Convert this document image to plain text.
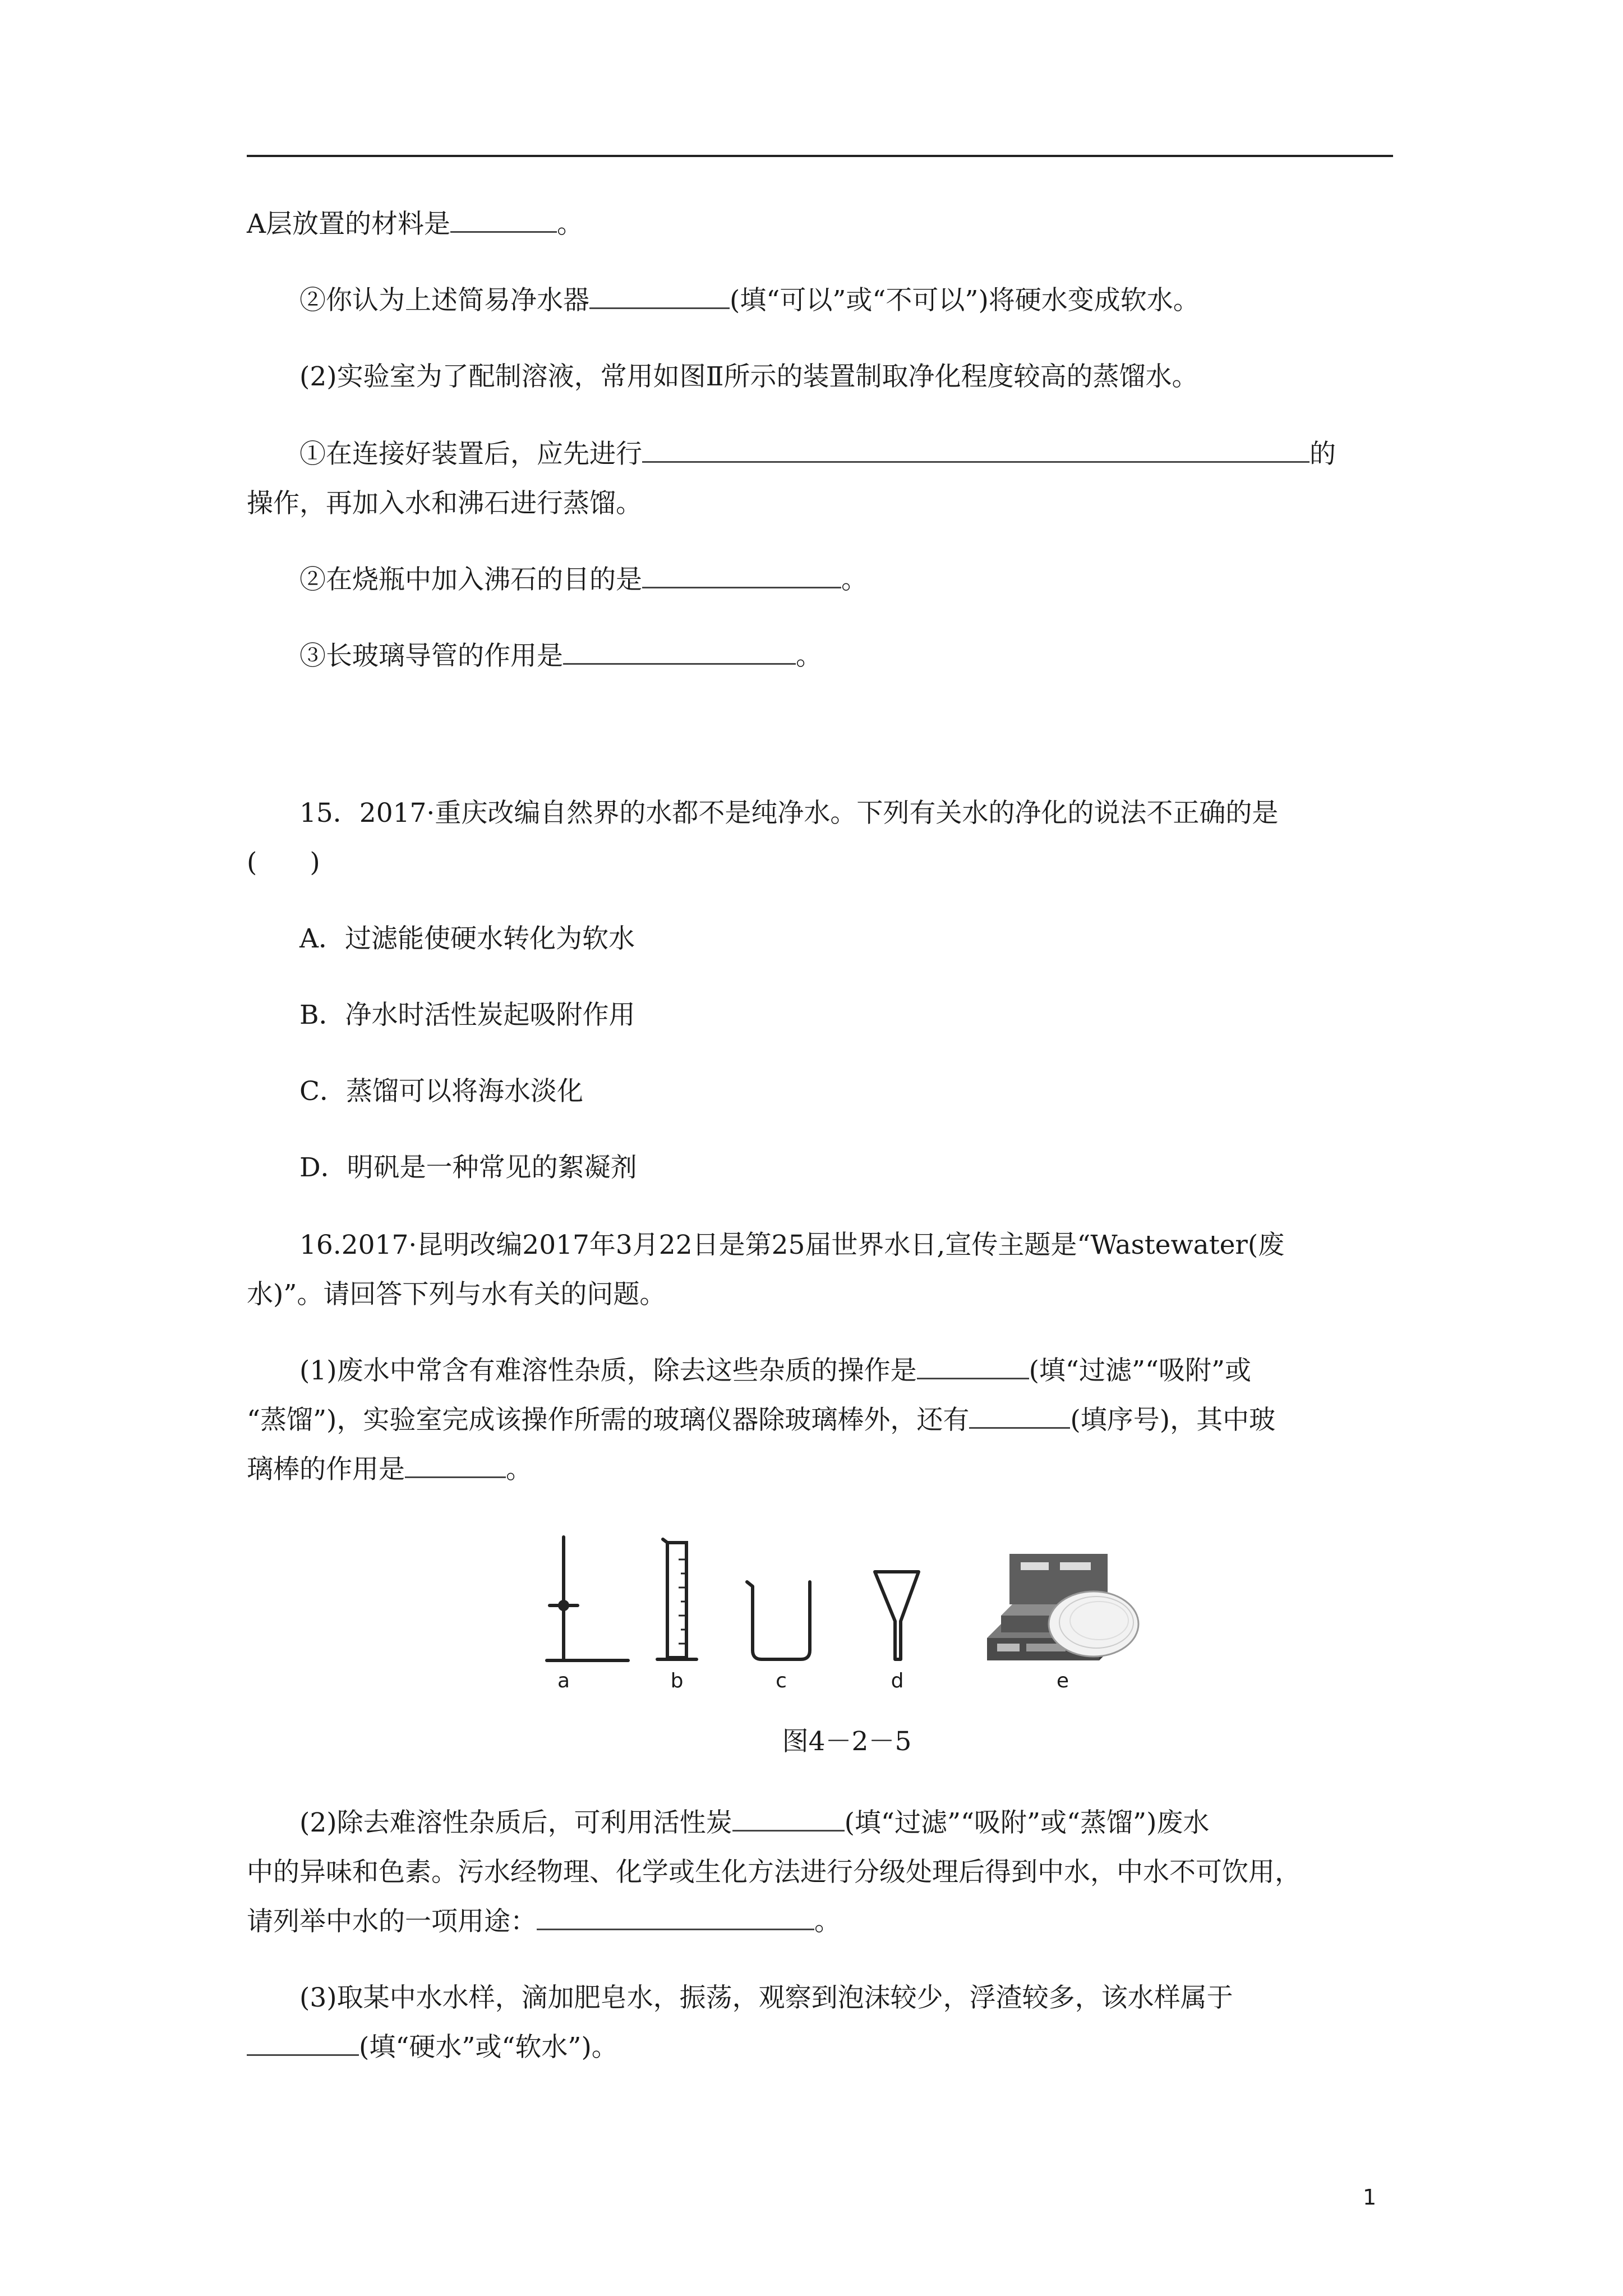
A层放置的材料是	。

②你认为上述简易净水器	(填“可以”或“不可以”)将硬水变成软水。

(2)实验室为了配制溶液，常用如图Ⅱ所示的装置制取净化程度较高的蒸馏水。

①在连接好装置后，应先进行	的

操作，再加入水和沸石进行蒸馏。

②在烧瓶中加入沸石的目的是	。

③长玻璃导管的作用是	。

15．2017·重庆改编自然界的水都不是纯净水。下列有关水的净化的说法不正确的是

(　　)

A．过滤能使硬水转化为软水

B．净水时活性炭起吸附作用

C．蒸馏可以将海水淡化

D．明矾是一种常见的絮凝剂

16.2017·昆明改编2017年3月22日是第25届世界水日,宣传主题是“Wastewater(废

水)”。请回答下列与水有关的问题。

(1)废水中常含有难溶性杂质，除去这些杂质的操作是	(填“过滤”“吸附”或

“蒸馏”)，实验室完成该操作所需的玻璃仪器除玻璃棒外，还有	(填序号)，其中玻

璃棒的作用是	。

a	b	c	d	e
图4－2－5

(2)除去难溶性杂质后，可利用活性炭	(填“过滤”“吸附”或“蒸馏”)废水

中的异味和色素。污水经物理、化学或生化方法进行分级处理后得到中水，中水不可饮用，

请列举中水的一项用途：	。

(3)取某中水水样，滴加肥皂水，振荡，观察到泡沫较少，浮渣较多，该水样属于

(填“硬水”或“软水”)。

1
